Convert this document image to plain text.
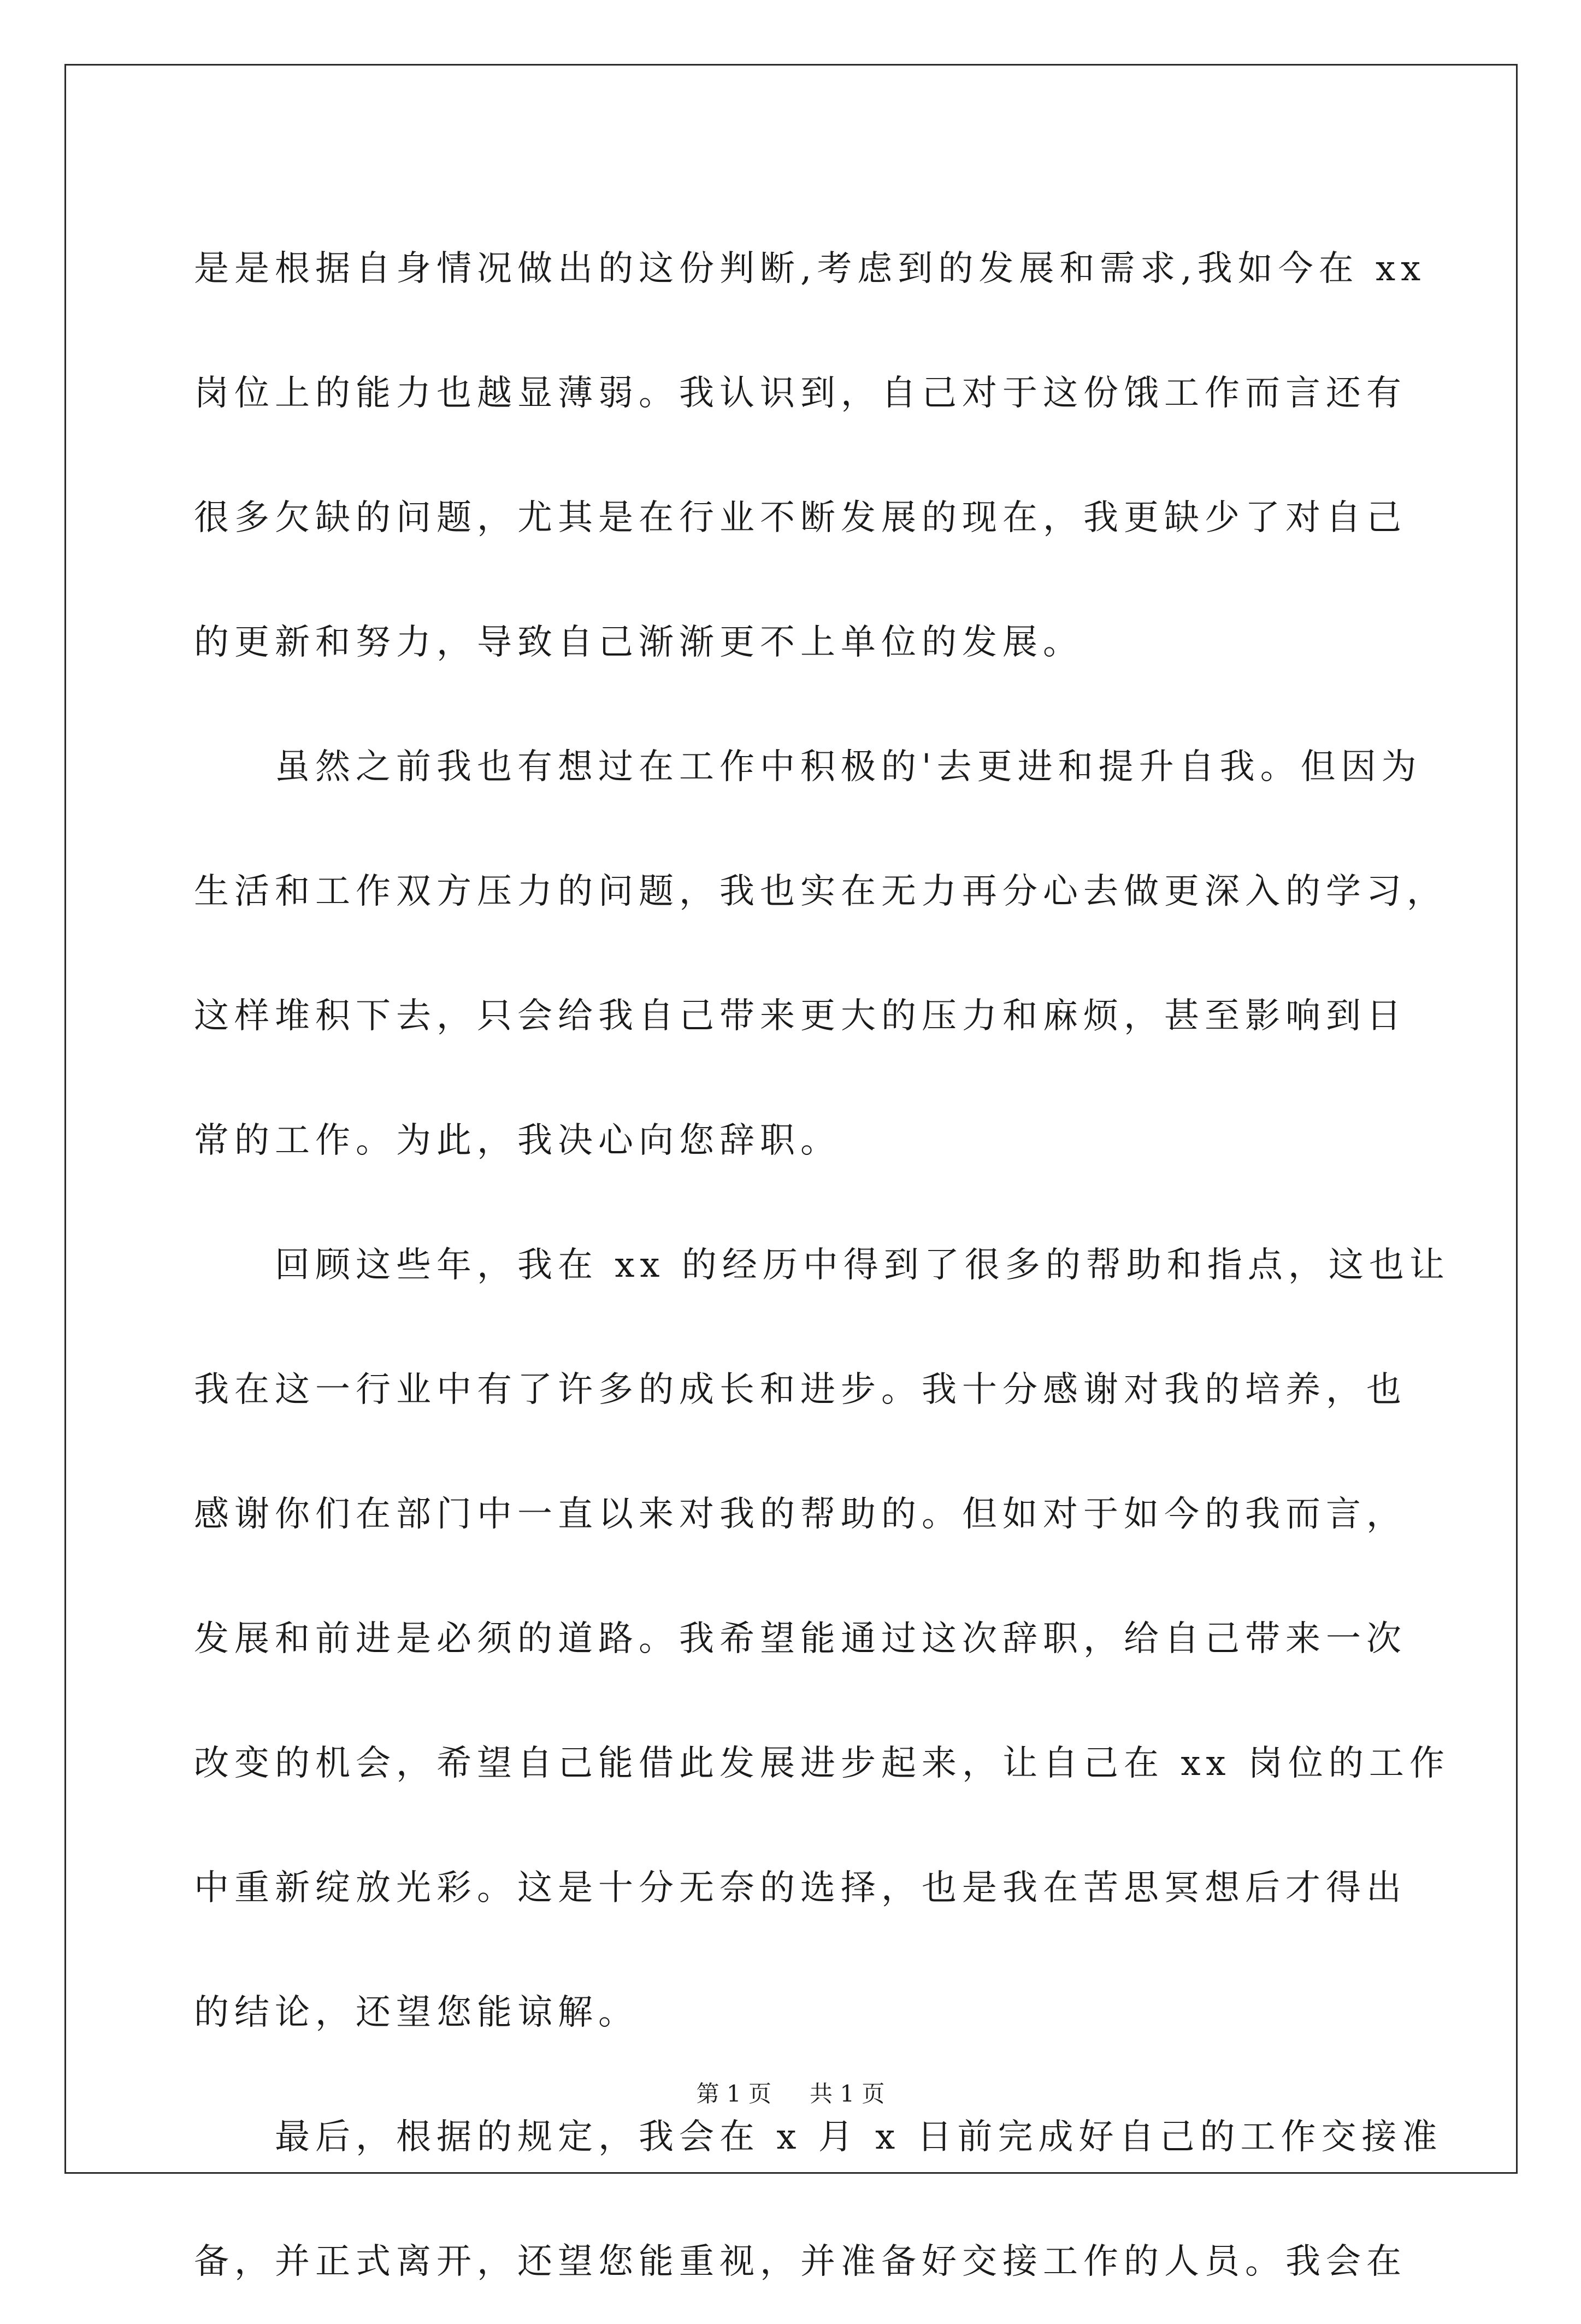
是是根据自身情况做出的这份判断,考虑到的发展和需求,我如今在 xx

岗位上的能力也越显薄弱。我认识到，自己对于这份饿工作而言还有

很多欠缺的问题，尤其是在行业不断发展的现在，我更缺少了对自己

的更新和努力，导致自己渐渐更不上单位的发展。

虽然之前我也有想过在工作中积极的'去更进和提升自我。但因为

生活和工作双方压力的问题，我也实在无力再分心去做更深入的学习，

这样堆积下去，只会给我自己带来更大的压力和麻烦，甚至影响到日

常的工作。为此，我决心向您辞职。

回顾这些年，我在 xx 的经历中得到了很多的帮助和指点，这也让

我在这一行业中有了许多的成长和进步。我十分感谢对我的培养，也

感谢你们在部门中一直以来对我的帮助的。但如对于如今的我而言，

发展和前进是必须的道路。我希望能通过这次辞职，给自己带来一次

改变的机会，希望自己能借此发展进步起来，让自己在 xx 岗位的工作

中重新绽放光彩。这是十分无奈的选择，也是我在苦思冥想后才得出

的结论，还望您能谅解。

最后，根据的规定，我会在 x 月 x 日前完成好自己的工作交接准

备，并正式离开，还望您能重视，并准备好交接工作的人员。我会在

第 1 页 共 1 页
